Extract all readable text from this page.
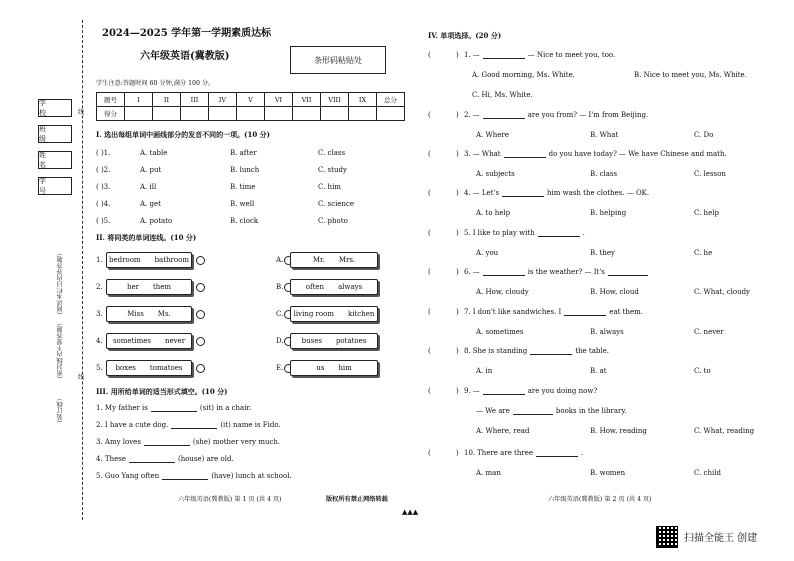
学 校
班 级
姓 名
学 号
（阅读本栏目内容答题）
（密封线内不要答题）
（装订线）
线
线
2024—2025 学年第一学期素质达标
六年级英语(冀教版)	条形码粘贴处
学生注意:答题时间 60 分钟,满分 100 分。
题号	I	II	III	IV	V	VI	VII	VIII	IX	总分
得分										
I. 选出每组单词中画线部分的发音不同的一项。(10 分)
( )1.	A. table	B. after	C. class
( )2.	A. put	B. lunch	C. study
( )3.	A. ill	B. time	C. him
( )4.	A. get	B. well	C. science
( )5.	A. potato	B. clock	C. photo
II. 将同类的单词连线。(10 分)
1. bedroom bathroom
2.	her them
3.	Miss Ms.
4. sometimes never
5. boxes tomatoes
A.	Mr. Mrs.
B.	often always
C. living room kitchen
D.	buses potatoes
E.	us him
III. 用所给单词的适当形式填空。(10 分)
1. My father is	(sit) in a chair.
2. I have a cute dog.	(it) name is Fido.
3. Amy loves	(she) mother very much.
4. These	(house) are old.
5. Guo Yang often	(have) lunch at school.
IV. 单项选择。(20 分)
(	) 1. —	— Nice to meet you, too.
A. Good morning, Ms. White.	B. Nice to meet you, Ms. White.
C. Hi, Ms. White.
(	) 2. —	are you from? — I'm from Beijing.
A. Where	B. What	C. Do
(	) 3. — What	do you have today? — We have Chinese and math.
A. subjects	B. class	C. lesson
(	) 4. — Let's	him wash the clothes. — OK.
A. to help	B. helping	C. help
(	) 5. I like to play with	.
A. you	B. they	C. he
(	) 6. —	is the weather? — It's
A. How, cloudy	B. How, cloud	C. What, cloudy
(	) 7. I don't like sandwiches. I	eat them.
A. sometimes	B. always	C. never
(	) 8. She is standing	the table.
A. in	B. at	C. to
(	) 9. —	are you doing now?
— We are	books in the library.
A. Where, read	B. How, reading	C. What, reading
(	) 10. There are three	.
A. man	B. women	C. child
六年级英语(冀教版) 第 1 页 (共 4 页)	版权所有禁止网络转载
▲▲▲
六年级英语(冀教版) 第 2 页 (共 4 页)
扫描全能王 创建
